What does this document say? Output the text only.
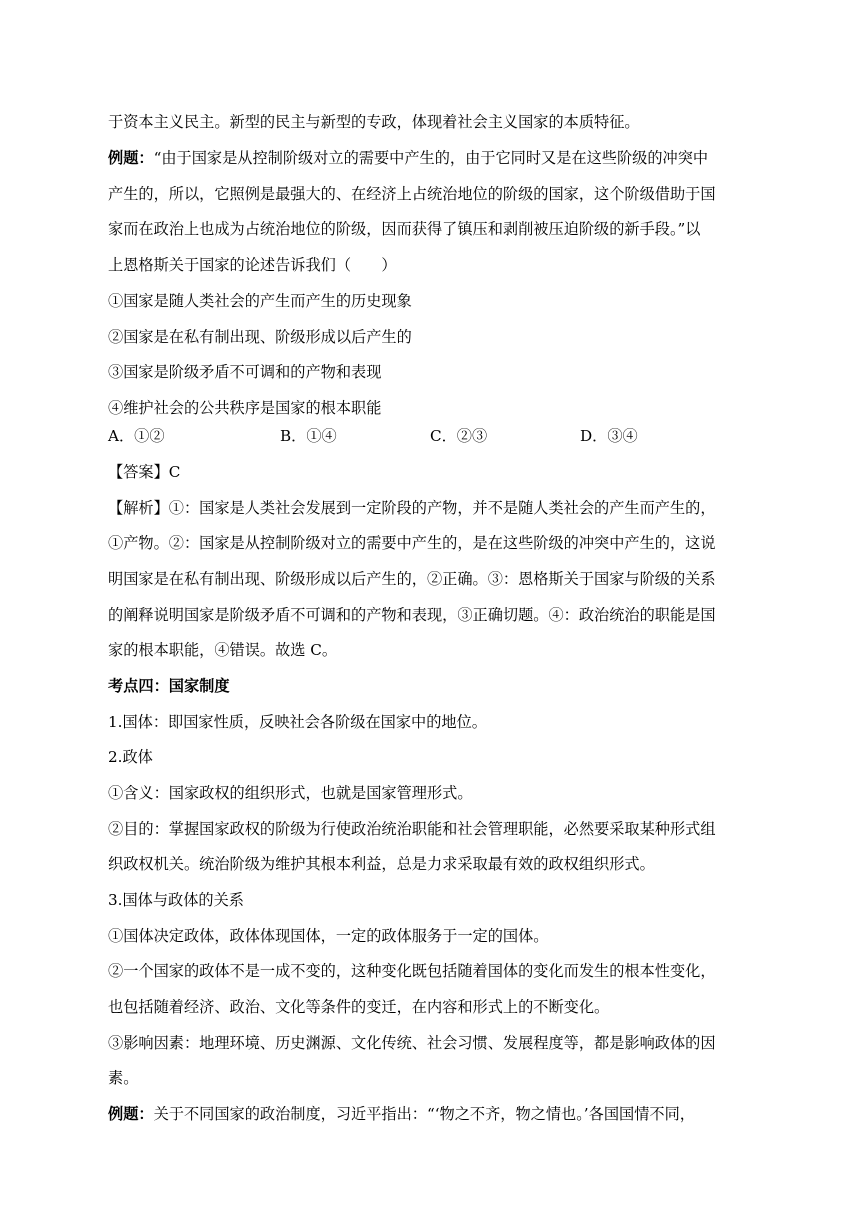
于资本主义民主。新型的民主与新型的专政，体现着社会主义国家的本质特征。
例题：“由于国家是从控制阶级对立的需要中产生的，由于它同时又是在这些阶级的冲突中
产生的，所以，它照例是最强大的、在经济上占统治地位的阶级的国家，这个阶级借助于国
家而在政治上也成为占统治地位的阶级，因而获得了镇压和剥削被压迫阶级的新手段。”以
上恩格斯关于国家的论述告诉我们（　　）
①国家是随人类社会的产生而产生的历史现象
②国家是在私有制出现、阶级形成以后产生的
③国家是阶级矛盾不可调和的产物和表现
④维护社会的公共秩序是国家的根本职能
A．①②	B．①④	C．②③	D．③④
【答案】C
【解析】①：国家是人类社会发展到一定阶段的产物，并不是随人类社会的产生而产生的，
①产物。②：国家是从控制阶级对立的需要中产生的，是在这些阶级的冲突中产生的，这说
明国家是在私有制出现、阶级形成以后产生的，②正确。③：恩格斯关于国家与阶级的关系
的阐释说明国家是阶级矛盾不可调和的产物和表现，③正确切题。④：政治统治的职能是国
家的根本职能，④错误。故选 C。
考点四：国家制度
1.国体：即国家性质，反映社会各阶级在国家中的地位。
2.政体
①含义：国家政权的组织形式，也就是国家管理形式。
②目的：掌握国家政权的阶级为行使政治统治职能和社会管理职能，必然要采取某种形式组
织政权机关。统治阶级为维护其根本利益，总是力求采取最有效的政权组织形式。
3.国体与政体的关系
①国体决定政体，政体体现国体，一定的政体服务于一定的国体。
②一个国家的政体不是一成不变的，这种变化既包括随着国体的变化而发生的根本性变化，
也包括随着经济、政治、文化等条件的变迁，在内容和形式上的不断变化。
③影响因素：地理环境、历史渊源、文化传统、社会习惯、发展程度等，都是影响政体的因
素。
例题：关于不同国家的政治制度，习近平指出：“‘物之不齐，物之情也。’各国国情不同，
